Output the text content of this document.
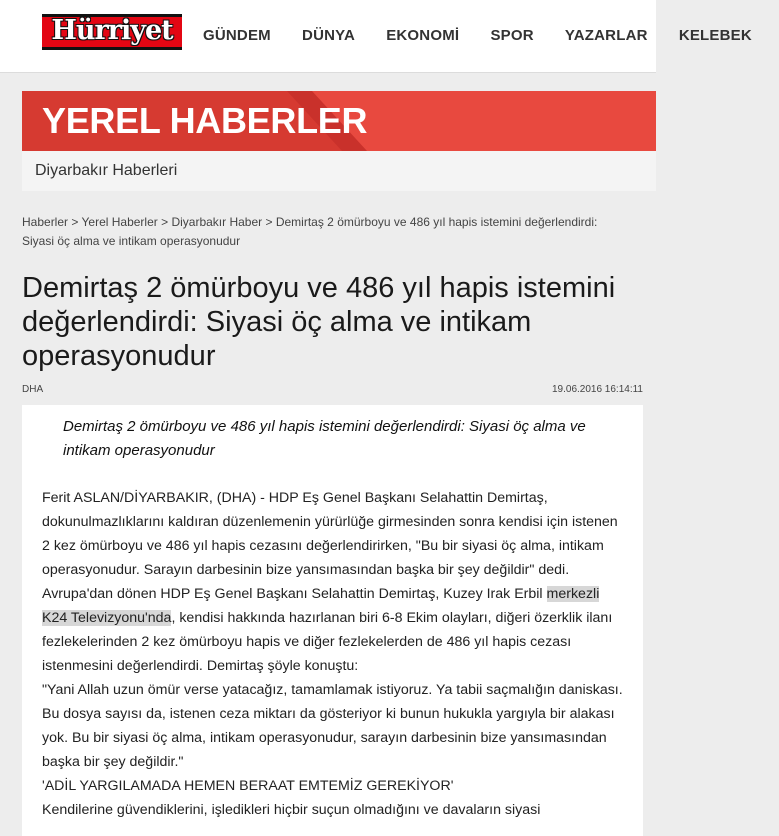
Hürriyet	GÜNDEM DÜNYA EKONOMİ SPOR YAZARLAR KELEBEK
YEREL HABERLER
Diyarbakır Haberleri
Haberler > Yerel Haberler > Diyarbakır Haber > Demirtaş 2 ömürboyu ve 486 yıl hapis istemini değerlendirdi: Siyasi öç alma ve intikam operasyonudur
Demirtaş 2 ömürboyu ve 486 yıl hapis istemini değerlendirdi: Siyasi öç alma ve intikam operasyonudur
DHA	19.06.2016 16:14:11
Demirtaş 2 ömürboyu ve 486 yıl hapis istemini değerlendirdi: Siyasi öç alma ve intikam operasyonudur

Ferit ASLAN/DİYARBAKIR, (DHA) - HDP Eş Genel Başkanı Selahattin Demirtaş, dokunulmazlıklarını kaldıran düzenlemenin yürürlüğe girmesinden sonra kendisi için istenen 2 kez ömürboyu ve 486 yıl hapis cezasını değerlendirirken, "Bu bir siyasi öç alma, intikam operasyonudur. Sarayın darbesinin bize yansımasından başka bir şey değildir" dedi.

Avrupa'dan dönen HDP Eş Genel Başkanı Selahattin Demirtaş, Kuzey Irak Erbil merkezli K24 Televizyonu'nda, kendisi hakkında hazırlanan biri 6-8 Ekim olayları, diğeri özerklik ilanı fezlekelerinden 2 kez ömürboyu hapis ve diğer fezlekelerden de 486 yıl hapis cezası istenmesini değerlendirdi. Demirtaş şöyle konuştu:

"Yani Allah uzun ömür verse yatacağız, tamamlamak istiyoruz. Ya tabii saçmalığın daniskası. Bu dosya sayısı da, istenen ceza miktarı da gösteriyor ki bunun hukukla yargıyla bir alakası yok. Bu bir siyasi öç alma, intikam operasyonudur, sarayın darbesinin bize yansımasından başka bir şey değildir."

'ADİL YARGILAMADA HEMEN BERAAT EMTEMİZ GEREKİYOR'

Kendilerine güvendiklerini, işledikleri hiçbir suçun olmadığını ve davaların siyasi
